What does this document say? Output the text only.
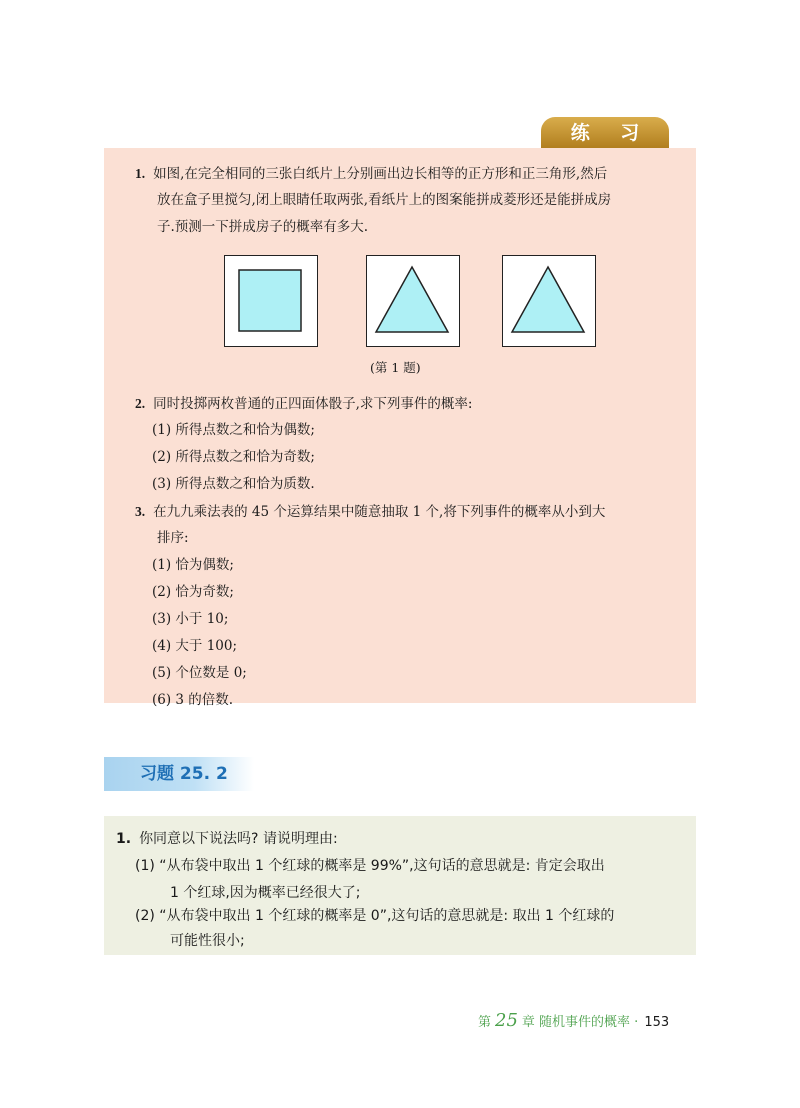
练 习
1. 如图,在完全相同的三张白纸片上分别画出边长相等的正方形和正三角形,然后
放在盒子里搅匀,闭上眼睛任取两张,看纸片上的图案能拼成菱形还是能拼成房
子.预测一下拼成房子的概率有多大.
(第 1 题)
2. 同时投掷两枚普通的正四面体骰子,求下列事件的概率:
(1) 所得点数之和恰为偶数;
(2) 所得点数之和恰为奇数;
(3) 所得点数之和恰为质数.
3. 在九九乘法表的 45 个运算结果中随意抽取 1 个,将下列事件的概率从小到大
排序:
(1) 恰为偶数;
(2) 恰为奇数;
(3) 小于 10;
(4) 大于 100;
(5) 个位数是 0;
(6) 3 的倍数.
习题 25. 2
1. 你同意以下说法吗? 请说明理由:
(1) “从布袋中取出 1 个红球的概率是 99%”,这句话的意思就是: 肯定会取出
1 个红球,因为概率已经很大了;
(2) “从布袋中取出 1 个红球的概率是 0”,这句话的意思就是: 取出 1 个红球的
可能性很小;
第 25 章 随机事件的概率 · 153
